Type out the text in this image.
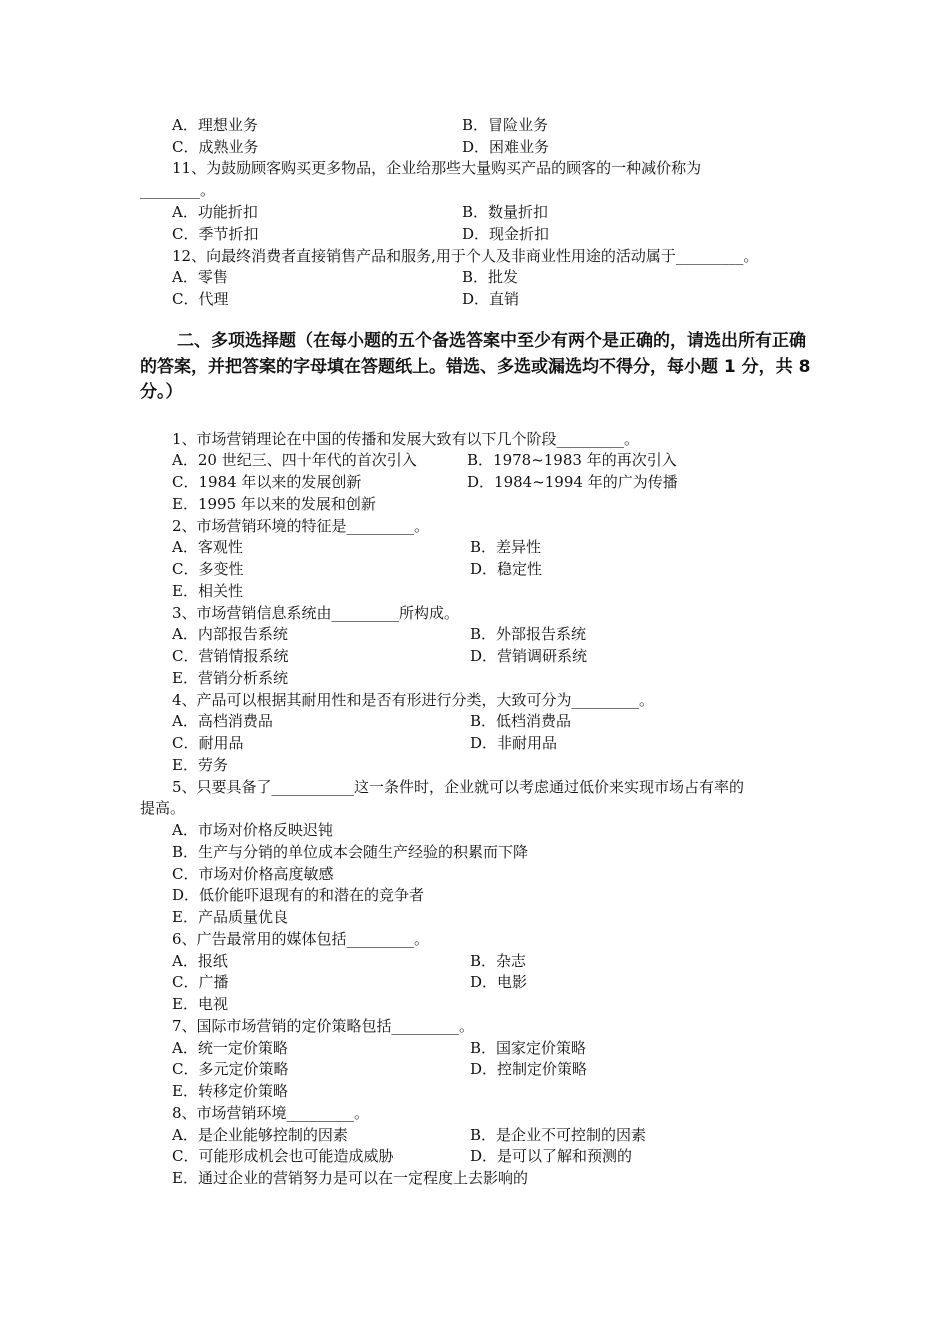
A．理想业务	B．冒险业务
C．成熟业务	D．困难业务
11、为鼓励顾客购买更多物品，企业给那些大量购买产品的顾客的一种减价称为
________。
A．功能折扣	B．数量折扣
C．季节折扣	D．现金折扣
12、向最终消费者直接销售产品和服务,用于个人及非商业性用途的活动属于_________。
A．零售	B．批发
C．代理	D．直销
二、多项选择题（在每小题的五个备选答案中至少有两个是正确的，请选出所有正确的答案，并把答案的字母填在答题纸上。错选、多选或漏选均不得分，每小题 1 分，共 8 分。）
1、市场营销理论在中国的传播和发展大致有以下几个阶段_________。
A．20 世纪三、四十年代的首次引入	B．1978~1983 年的再次引入
C．1984 年以来的发展创新	D．1984~1994 年的广为传播
E．1995 年以来的发展和创新
2、市场营销环境的特征是_________。
A．客观性	B．差异性
C．多变性	D．稳定性
E．相关性
3、市场营销信息系统由_________所构成。
A．内部报告系统	B．外部报告系统
C．营销情报系统	D．营销调研系统
E．营销分析系统
4、产品可以根据其耐用性和是否有形进行分类，大致可分为_________。
A．高档消费品	B．低档消费品
C．耐用品	D．非耐用品
E．劳务
5、只要具备了___________这一条件时，企业就可以考虑通过低价来实现市场占有率的
提高。
A．市场对价格反映迟钝
B．生产与分销的单位成本会随生产经验的积累而下降
C．市场对价格高度敏感
D．低价能吓退现有的和潜在的竞争者
E．产品质量优良
6、广告最常用的媒体包括_________。
A．报纸	B．杂志
C．广播	D．电影
E．电视
7、国际市场营销的定价策略包括_________。
A．统一定价策略	B．国家定价策略
C．多元定价策略	D．控制定价策略
E．转移定价策略
8、市场营销环境_________。
A．是企业能够控制的因素	B．是企业不可控制的因素
C．可能形成机会也可能造成威胁	D．是可以了解和预测的
E．通过企业的营销努力是可以在一定程度上去影响的
